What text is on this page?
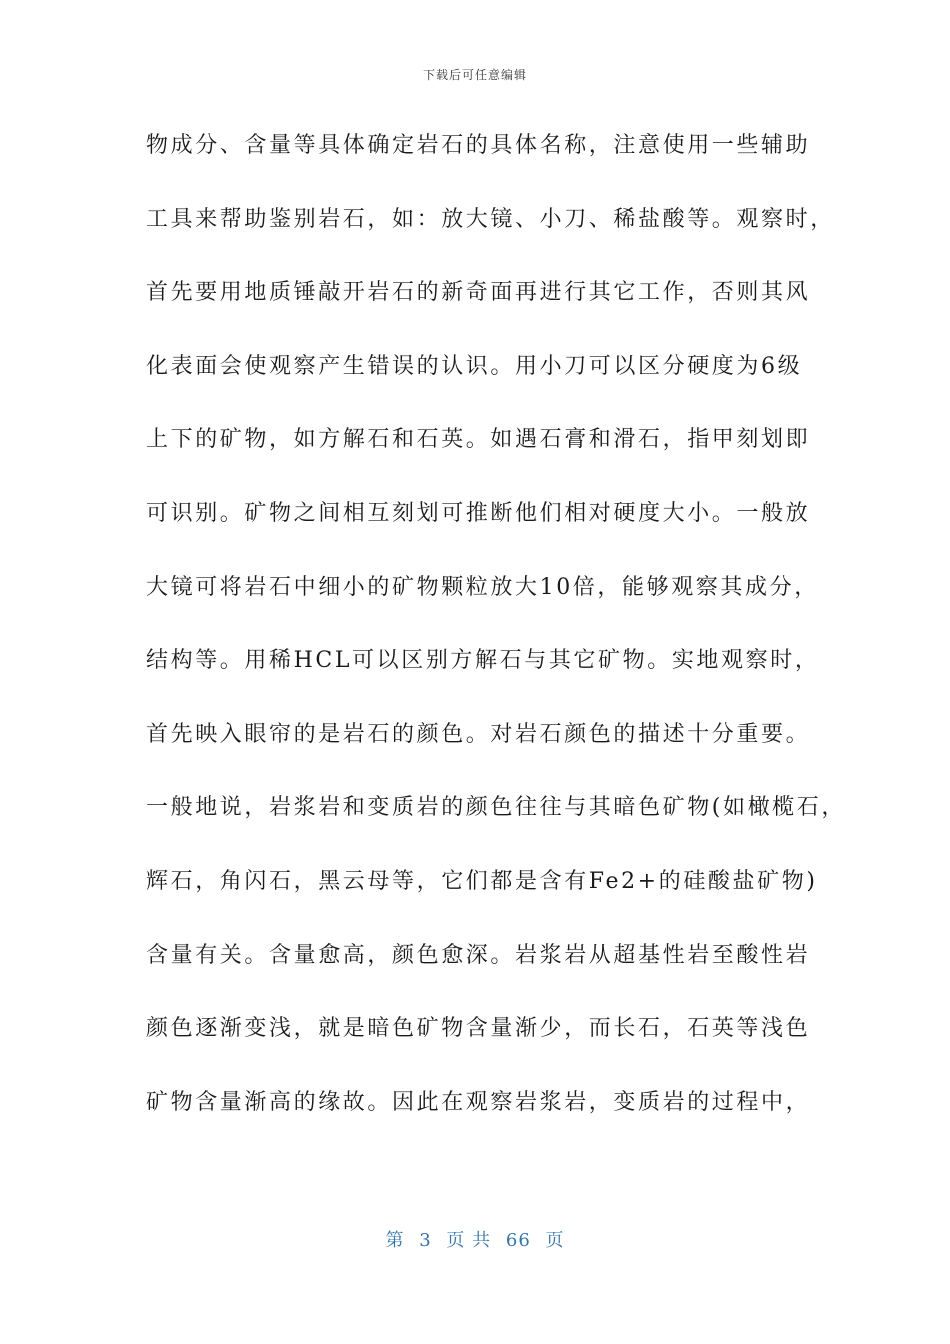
下载后可任意编辑
物成分、含量等具体确定岩石的具体名称，注意使用一些辅助
工具来帮助鉴别岩石，如：放大镜、小刀、稀盐酸等。观察时，
首先要用地质锤敲开岩石的新奇面再进行其它工作，否则其风
化表面会使观察产生错误的认识。用小刀可以区分硬度为6级
上下的矿物，如方解石和石英。如遇石膏和滑石，指甲刻划即
可识别。矿物之间相互刻划可推断他们相对硬度大小。一般放
大镜可将岩石中细小的矿物颗粒放大10倍，能够观察其成分，
结构等。用稀HCL可以区别方解石与其它矿物。实地观察时，
首先映入眼帘的是岩石的颜色。对岩石颜色的描述十分重要。
一般地说，岩浆岩和变质岩的颜色往往与其暗色矿物(如橄榄石，
辉石，角闪石，黑云母等，它们都是含有Fe2+的硅酸盐矿物)
含量有关。含量愈高，颜色愈深。岩浆岩从超基性岩至酸性岩
颜色逐渐变浅，就是暗色矿物含量渐少，而长石，石英等浅色
矿物含量渐高的缘故。因此在观察岩浆岩，变质岩的过程中，
第 3 页 共 66 页
